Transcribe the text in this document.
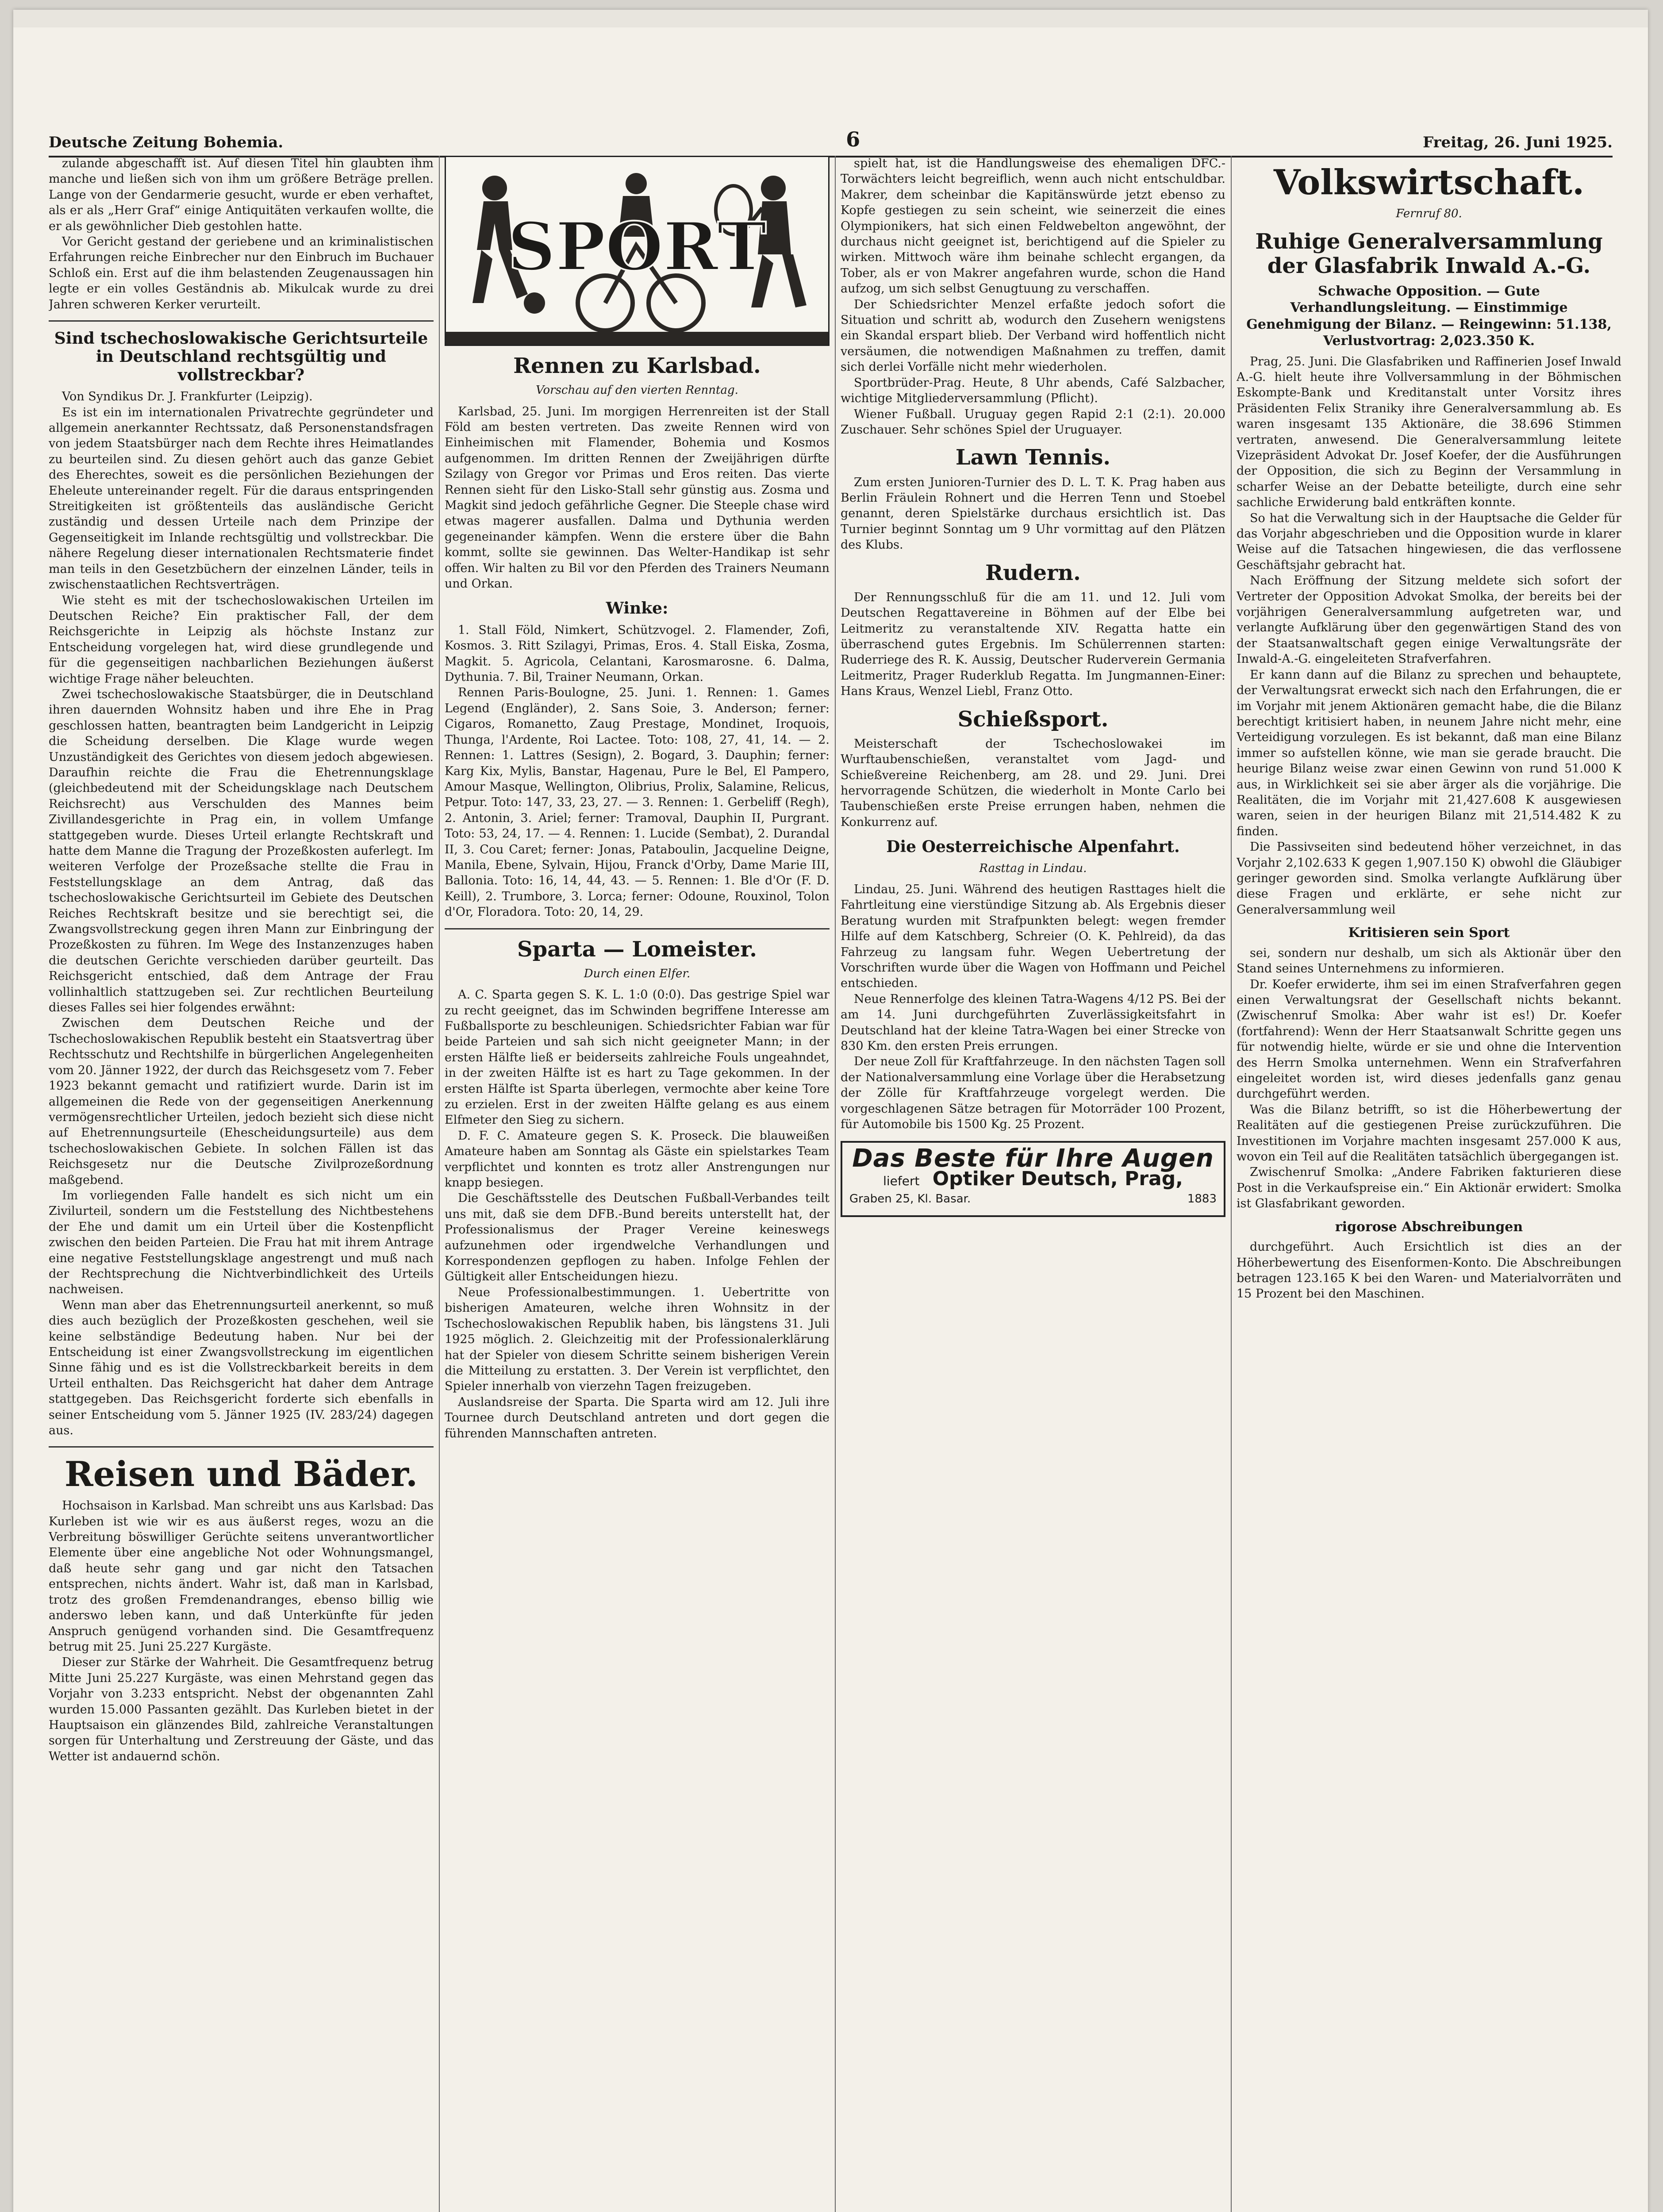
Deutsche Zeitung Bohemia.	6	Freitag, 26. Juni 1925.

zulande abgeschafft ist. Auf diesen Titel hin glaubten ihm manche und ließen sich von ihm um größere Beträge prellen. Lange von der Gendarmerie gesucht, wurde er eben verhaftet, als er als „Herr Graf“ einige Antiquitäten verkaufen wollte, die er als gewöhnlicher Dieb gestohlen hatte.

Vor Gericht gestand der geriebene und an kriminalistischen Erfahrungen reiche Einbrecher nur den Einbruch im Buchauer Schloß ein. Erst auf die ihm belastenden Zeugenaussagen hin legte er ein volles Geständnis ab. Mikulcak wurde zu drei Jahren schweren Kerker verurteilt.

Sind tschechoslowakische Gerichtsurteile in Deutschland rechtsgültig und vollstreckbar?

Von Syndikus Dr. J. Frankfurter (Leipzig).

Es ist ein im internationalen Privatrechte gegründeter und allgemein anerkannter Rechtssatz, daß Personenstandsfragen von jedem Staatsbürger nach dem Rechte ihres Heimatlandes zu beurteilen sind. Zu diesen gehört auch das ganze Gebiet des Eherechtes, soweit es die persönlichen Beziehungen der Eheleute untereinander regelt. Für die daraus entspringenden Streitigkeiten ist größtenteils das ausländische Gericht zuständig und dessen Urteile nach dem Prinzipe der Gegenseitigkeit im Inlande rechtsgültig und vollstreckbar. Die nähere Regelung dieser internationalen Rechtsmaterie findet man teils in den Gesetzbüchern der einzelnen Länder, teils in zwischenstaatlichen Rechtsverträgen.

Wie steht es mit der tschechoslowakischen Urteilen im Deutschen Reiche? Ein praktischer Fall, der dem Reichsgerichte in Leipzig als höchste Instanz zur Entscheidung vorgelegen hat, wird diese grundlegende und für die gegenseitigen nachbarlichen Beziehungen äußerst wichtige Frage näher beleuchten.

Zwei tschechoslowakische Staatsbürger, die in Deutschland ihren dauernden Wohnsitz haben und ihre Ehe in Prag geschlossen hatten, beantragten beim Landgericht in Leipzig die Scheidung derselben. Die Klage wurde wegen Unzuständigkeit des Gerichtes von diesem jedoch abgewiesen. Daraufhin reichte die Frau die Ehetrennungsklage (gleichbedeutend mit der Scheidungsklage nach Deutschem Reichsrecht) aus Verschulden des Mannes beim Zivillandesgerichte in Prag ein, in vollem Umfange stattgegeben wurde. Dieses Urteil erlangte Rechtskraft und hatte dem Manne die Tragung der Prozeßkosten auferlegt. Im weiteren Verfolge der Prozeßsache stellte die Frau in Feststellungsklage an dem Antrag, daß das tschechoslowakische Gerichtsurteil im Gebiete des Deutschen Reiches Rechtskraft besitze und sie berechtigt sei, die Zwangsvollstreckung gegen ihren Mann zur Einbringung der Prozeßkosten zu führen. Im Wege des Instanzenzuges haben die deutschen Gerichte verschieden darüber geurteilt. Das Reichsgericht entschied, daß dem Antrage der Frau vollinhaltlich stattzugeben sei. Zur rechtlichen Beurteilung dieses Falles sei hier folgendes erwähnt:

Zwischen dem Deutschen Reiche und der Tschechoslowakischen Republik besteht ein Staatsvertrag über Rechtsschutz und Rechtshilfe in bürgerlichen Angelegenheiten vom 20. Jänner 1922, der durch das Reichsgesetz vom 7. Feber 1923 bekannt gemacht und ratifiziert wurde. Darin ist im allgemeinen die Rede von der gegenseitigen Anerkennung vermögensrechtlicher Urteilen, jedoch bezieht sich diese nicht auf Ehetrennungsurteile (Ehescheidungsurteile) aus dem tschechoslowakischen Gebiete. In solchen Fällen ist das Reichsgesetz nur die Deutsche Zivilprozeßordnung maßgebend.

Im vorliegenden Falle handelt es sich nicht um ein Zivilurteil, sondern um die Feststellung des Nichtbestehens der Ehe und damit um ein Urteil über die Kostenpflicht zwischen den beiden Parteien. Die Frau hat mit ihrem Antrage eine negative Feststellungsklage angestrengt und muß nach der Rechtsprechung die Nichtverbindlichkeit des Urteils nachweisen.

Wenn man aber das Ehetrennungsurteil anerkennt, so muß dies auch bezüglich der Prozeßkosten geschehen, weil sie keine selbständige Bedeutung haben. Nur bei der Entscheidung ist einer Zwangsvollstreckung im eigentlichen Sinne fähig und es ist die Vollstreckbarkeit bereits in dem Urteil enthalten. Das Reichsgericht hat daher dem Antrage stattgegeben. Das Reichsgericht forderte sich ebenfalls in seiner Entscheidung vom 5. Jänner 1925 (IV. 283/24) dagegen aus.

Reisen und Bäder.

Hochsaison in Karlsbad. Man schreibt uns aus Karlsbad: Das Kurleben ist wie wir es aus äußerst reges, wozu an die Verbreitung böswilliger Gerüchte seitens unverantwortlicher Elemente über eine angebliche Not oder Wohnungsmangel, daß heute sehr gang und gar nicht den Tatsachen entsprechen, nichts ändert. Wahr ist, daß man in Karlsbad, trotz des großen Fremdenandranges, ebenso billig wie anderswo leben kann, und daß Unterkünfte für jeden Anspruch genügend vorhanden sind. Die Gesamtfrequenz betrug mit 25. Juni 25.227 Kurgäste.

Dieser zur Stärke der Wahrheit. Die Gesamtfrequenz betrug Mitte Juni 25.227 Kurgäste, was einen Mehrstand gegen das Vorjahr von 3.233 entspricht. Nebst der obgenannten Zahl wurden 15.000 Passanten gezählt. Das Kurleben bietet in der Hauptsaison ein glänzendes Bild, zahlreiche Veranstaltungen sorgen für Unterhaltung und Zerstreuung der Gäste, und das Wetter ist andauernd schön.

SPORT
Rennen zu Karlsbad.
Vorschau auf den vierten Renntag.

Karlsbad, 25. Juni. Im morgigen Herrenreiten ist der Stall Föld am besten vertreten. Das zweite Rennen wird von Einheimischen mit Flamender, Bohemia und Kosmos aufgenommen. Im dritten Rennen der Zweijährigen dürfte Szilagy von Gregor vor Primas und Eros reiten. Das vierte Rennen sieht für den Lisko-Stall sehr günstig aus. Zosma und Magkit sind jedoch gefährliche Gegner. Die Steeple chase wird etwas magerer ausfallen. Dalma und Dythunia werden gegeneinander kämpfen. Wenn die erstere über die Bahn kommt, sollte sie gewinnen. Das Welter-Handikap ist sehr offen. Wir halten zu Bil vor den Pferden des Trainers Neumann und Orkan.

Winke:

1. Stall Föld, Nimkert, Schützvogel. 2. Flamender, Zofi, Kosmos. 3. Ritt Szilagyi, Primas, Eros. 4. Stall Eiska, Zosma, Magkit. 5. Agricola, Celantani, Karosmarosne. 6. Dalma, Dythunia. 7. Bil, Trainer Neumann, Orkan.

Rennen Paris-Boulogne, 25. Juni. 1. Rennen: 1. Games Legend (Engländer), 2. Sans Soie, 3. Anderson; ferner: Cigaros, Romanetto, Zaug Prestage, Mondinet, Iroquois, Thunga, l'Ardente, Roi Lactee. Toto: 108, 27, 41, 14. — 2. Rennen: 1. Lattres (Sesign), 2. Bogard, 3. Dauphin; ferner: Karg Kix, Mylis, Banstar, Hagenau, Pure le Bel, El Pampero, Amour Masque, Wellington, Olibrius, Prolix, Salamine, Relicus, Petpur. Toto: 147, 33, 23, 27. — 3. Rennen: 1. Gerbeliff (Regh), 2. Antonin, 3. Ariel; ferner: Tramoval, Dauphin II, Purgrant. Toto: 53, 24, 17. — 4. Rennen: 1. Lucide (Sembat), 2. Durandal II, 3. Cou Caret; ferner: Jonas, Pataboulin, Jacqueline Deigne, Manila, Ebene, Sylvain, Hijou, Franck d'Orby, Dame Marie III, Ballonia. Toto: 16, 14, 44, 43. — 5. Rennen: 1. Ble d'Or (F. D. Keill), 2. Trumbore, 3. Lorca; ferner: Odoune, Rouxinol, Tolon d'Or, Floradora. Toto: 20, 14, 29.

Sparta — Lomeister.
Durch einen Elfer.

A. C. Sparta gegen S. K. L. 1:0 (0:0). Das gestrige Spiel war zu recht geeignet, das im Schwinden begriffene Interesse am Fußballsporte zu beschleunigen. Schiedsrichter Fabian war für beide Parteien und sah sich nicht geeigneter Mann; in der ersten Hälfte ließ er beiderseits zahlreiche Fouls ungeahndet, in der zweiten Hälfte ist es hart zu Tage gekommen. In der ersten Hälfte ist Sparta überlegen, vermochte aber keine Tore zu erzielen. Erst in der zweiten Hälfte gelang es aus einem Elfmeter den Sieg zu sichern.

D. F. C. Amateure gegen S. K. Proseck. Die blauweißen Amateure haben am Sonntag als Gäste ein spielstarkes Team verpflichtet und konnten es trotz aller Anstrengungen nur knapp besiegen.

Die Geschäftsstelle des Deutschen Fußball-Verbandes teilt uns mit, daß sie dem DFB.-Bund bereits unterstellt hat, der Professionalismus der Prager Vereine keineswegs aufzunehmen oder irgendwelche Verhandlungen und Korrespondenzen gepflogen zu haben. Infolge Fehlen der Gültigkeit aller Entscheidungen hiezu.

Neue Professionalbestimmungen. 1. Uebertritte von bisherigen Amateuren, welche ihren Wohnsitz in der Tschechoslowakischen Republik haben, bis längstens 31. Juli 1925 möglich. 2. Gleichzeitig mit der Professionalerklärung hat der Spieler von diesem Schritte seinem bisherigen Verein die Mitteilung zu erstatten. 3. Der Verein ist verpflichtet, den Spieler innerhalb von vierzehn Tagen freizugeben.

Auslandsreise der Sparta. Die Sparta wird am 12. Juli ihre Tournee durch Deutschland antreten und dort gegen die führenden Mannschaften antreten.

spielt hat, ist die Handlungsweise des ehemaligen DFC.-Torwächters leicht begreiflich, wenn auch nicht entschuldbar. Makrer, dem scheinbar die Kapitänswürde jetzt ebenso zu Kopfe gestiegen zu sein scheint, wie seinerzeit die eines Olympionikers, hat sich einen Feldwebelton angewöhnt, der durchaus nicht geeignet ist, berichtigend auf die Spieler zu wirken. Mittwoch wäre ihm beinahe schlecht ergangen, da Tober, als er von Makrer angefahren wurde, schon die Hand aufzog, um sich selbst Genugtuung zu verschaffen.

Der Schiedsrichter Menzel erfaßte jedoch sofort die Situation und schritt ab, wodurch den Zusehern wenigstens ein Skandal erspart blieb. Der Verband wird hoffentlich nicht versäumen, die notwendigen Maßnahmen zu treffen, damit sich derlei Vorfälle nicht mehr wiederholen.

Sportbrüder-Prag. Heute, 8 Uhr abends, Café Salzbacher, wichtige Mitgliederversammlung (Pflicht).

Wiener Fußball. Uruguay gegen Rapid 2:1 (2:1). 20.000 Zuschauer. Sehr schönes Spiel der Uruguayer.

Lawn Tennis.

Zum ersten Junioren-Turnier des D. L. T. K. Prag haben aus Berlin Fräulein Rohnert und die Herren Tenn und Stoebel genannt, deren Spielstärke durchaus ersichtlich ist. Das Turnier beginnt Sonntag um 9 Uhr vormittag auf den Plätzen des Klubs.

Rudern.

Der Rennungsschluß für die am 11. und 12. Juli vom Deutschen Regattavereine in Böhmen auf der Elbe bei Leitmeritz zu veranstaltende XIV. Regatta hatte ein überraschend gutes Ergebnis. Im Schülerrennen starten: Ruderriege des R. K. Aussig, Deutscher Ruderverein Germania Leitmeritz, Prager Ruderklub Regatta. Im Jungmannen-Einer: Hans Kraus, Wenzel Liebl, Franz Otto.

Schießsport.

Meisterschaft der Tschechoslowakei im Wurftaubenschießen, veranstaltet vom Jagd- und Schießvereine Reichenberg, am 28. und 29. Juni. Drei hervorragende Schützen, die wiederholt in Monte Carlo bei Taubenschießen erste Preise errungen haben, nehmen die Konkurrenz auf.

Die Oesterreichische Alpenfahrt.
Rasttag in Lindau.

Lindau, 25. Juni. Während des heutigen Rasttages hielt die Fahrtleitung eine vierstündige Sitzung ab. Als Ergebnis dieser Beratung wurden mit Strafpunkten belegt: wegen fremder Hilfe auf dem Katschberg, Schreier (O. K. Pehlreid), da das Fahrzeug zu langsam fuhr. Wegen Uebertretung der Vorschriften wurde über die Wagen von Hoffmann und Peichel entschieden.

Neue Rennerfolge des kleinen Tatra-Wagens 4/12 PS. Bei der am 14. Juni durchgeführten Zuverlässigkeitsfahrt in Deutschland hat der kleine Tatra-Wagen bei einer Strecke von 830 Km. den ersten Preis errungen.

Der neue Zoll für Kraftfahrzeuge. In den nächsten Tagen soll der Nationalversammlung eine Vorlage über die Herabsetzung der Zölle für Kraftfahrzeuge vorgelegt werden. Die vorgeschlagenen Sätze betragen für Motorräder 100 Prozent, für Automobile bis 1500 Kg. 25 Prozent.

Das Beste für Ihre Augen
liefert Optiker Deutsch, Prag,
Graben 25, Kl. Basar.	1883
Volkswirtschaft.
Fernruf 80.
Ruhige Generalversammlung der Glasfabrik Inwald A.-G.
Schwache Opposition. — Gute Verhandlungsleitung. — Einstimmige Genehmigung der Bilanz. — Reingewinn: 51.138, Verlustvortrag: 2,023.350 K.

Prag, 25. Juni. Die Glasfabriken und Raffinerien Josef Inwald A.-G. hielt heute ihre Vollversammlung in der Böhmischen Eskompte-Bank und Kreditanstalt unter Vorsitz ihres Präsidenten Felix Straniky ihre Generalversammlung ab. Es waren insgesamt 135 Aktionäre, die 38.696 Stimmen vertraten, anwesend. Die Generalversammlung leitete Vizepräsident Advokat Dr. Josef Koefer, der die Ausführungen der Opposition, die sich zu Beginn der Versammlung in scharfer Weise an der Debatte beteiligte, durch eine sehr sachliche Erwiderung bald entkräften konnte.

So hat die Verwaltung sich in der Hauptsache die Gelder für das Vorjahr abgeschrieben und die Opposition wurde in klarer Weise auf die Tatsachen hingewiesen, die das verflossene Geschäftsjahr gebracht hat.

Nach Eröffnung der Sitzung meldete sich sofort der Vertreter der Opposition Advokat Smolka, der bereits bei der vorjährigen Generalversammlung aufgetreten war, und verlangte Aufklärung über den gegenwärtigen Stand des von der Staatsanwaltschaft gegen einige Verwaltungsräte der Inwald-A.-G. eingeleiteten Strafverfahren.

Er kann dann auf die Bilanz zu sprechen und behauptete, der Verwaltungsrat erweckt sich nach den Erfahrungen, die er im Vorjahr mit jenem Aktionären gemacht habe, die die Bilanz berechtigt kritisiert haben, in neunem Jahre nicht mehr, eine Verteidigung vorzulegen. Es ist bekannt, daß man eine Bilanz immer so aufstellen könne, wie man sie gerade braucht. Die heurige Bilanz weise zwar einen Gewinn von rund 51.000 K aus, in Wirklichkeit sei sie aber ärger als die vorjährige. Die Realitäten, die im Vorjahr mit 21,427.608 K ausgewiesen waren, seien in der heurigen Bilanz mit 21,514.482 K zu finden.

Die Passivseiten sind bedeutend höher verzeichnet, in das Vorjahr 2,102.633 K gegen 1,907.150 K) obwohl die Gläubiger geringer geworden sind. Smolka verlangte Aufklärung über diese Fragen und erklärte, er sehe nicht zur Generalversammlung weil

Kritisieren sein Sport

sei, sondern nur deshalb, um sich als Aktionär über den Stand seines Unternehmens zu informieren.

Dr. Koefer erwiderte, ihm sei im einen Strafverfahren gegen einen Verwaltungsrat der Gesellschaft nichts bekannt. (Zwischenruf Smolka: Aber wahr ist es!) Dr. Koefer (fortfahrend): Wenn der Herr Staatsanwalt Schritte gegen uns für notwendig hielte, würde er sie und ohne die Intervention des Herrn Smolka unternehmen. Wenn ein Strafverfahren eingeleitet worden ist, wird dieses jedenfalls ganz genau durchgeführt werden.

Was die Bilanz betrifft, so ist die Höherbewertung der Realitäten auf die gestiegenen Preise zurückzuführen. Die Investitionen im Vorjahre machten insgesamt 257.000 K aus, wovon ein Teil auf die Realitäten tatsächlich übergegangen ist.

Zwischenruf Smolka: „Andere Fabriken fakturieren diese Post in die Verkaufspreise ein.“ Ein Aktionär erwidert: Smolka ist Glasfabrikant geworden.

rigorose Abschreibungen

durchgeführt. Auch Ersichtlich ist dies an der Höherbewertung des Eisenformen-Konto. Die Abschreibungen betragen 123.165 K bei den Waren- und Materialvorräten und 15 Prozent bei den Maschinen.
